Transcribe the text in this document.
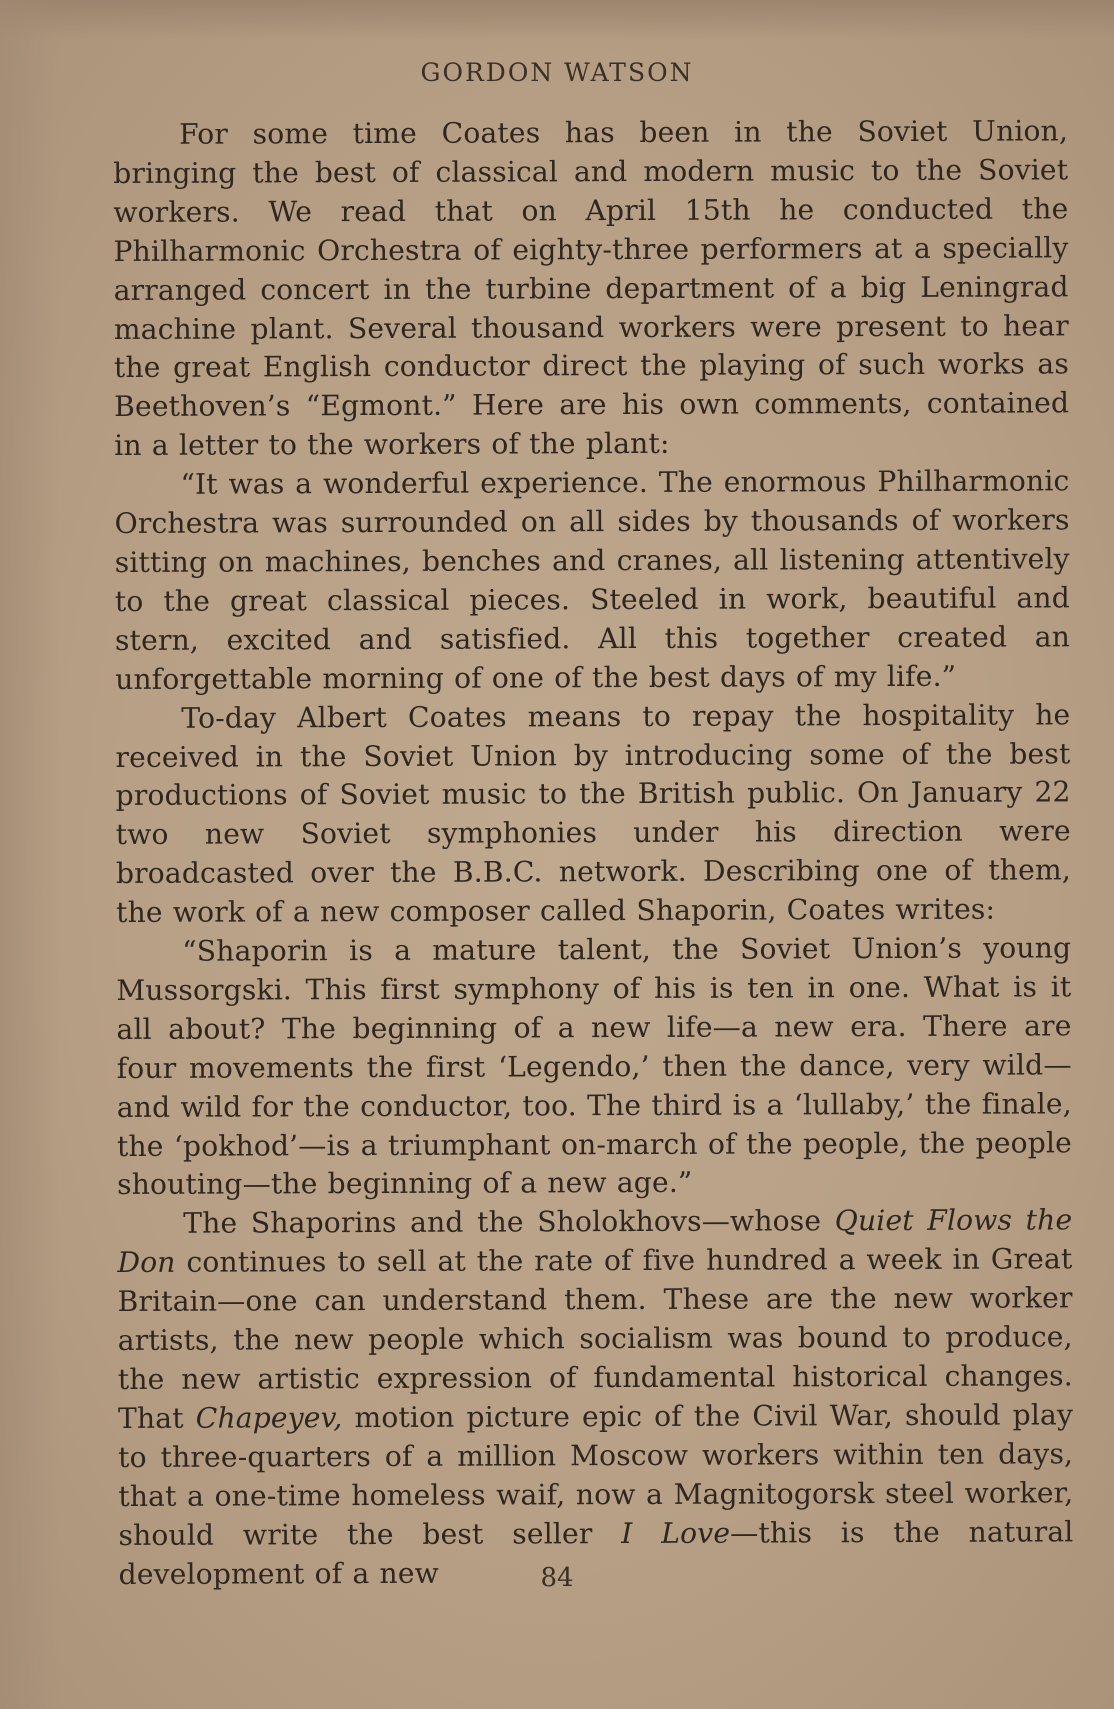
GORDON WATSON

For some time Coates has been in the Soviet Union, bringing the best of classical and modern music to the Soviet workers. We read that on April 15th he conducted the Philharmonic Orchestra of eighty-three performers at a specially arranged concert in the turbine department of a big Leningrad machine plant. Several thousand workers were present to hear the great English conductor direct the playing of such works as Beethoven’s “Egmont.” Here are his own comments, contained in a letter to the workers of the plant:

“It was a wonderful experience. The enormous Philharmonic Orchestra was surrounded on all sides by thousands of workers sitting on machines, benches and cranes, all listening attentively to the great classical pieces. Steeled in work, beautiful and stern, excited and satisfied. All this together created an unforgettable morning of one of the best days of my life.”

To-day Albert Coates means to repay the hospitality he received in the Soviet Union by introducing some of the best productions of Soviet music to the British public. On January 22 two new Soviet symphonies under his direction were broadcasted over the B.B.C. network. Describing one of them, the work of a new composer called Shaporin, Coates writes:

“Shaporin is a mature talent, the Soviet Union’s young Mussorgski. This first symphony of his is ten in one. What is it all about? The beginning of a new life—a new era. There are four movements the first ‘Legendo,’ then the dance, very wild—and wild for the conductor, too. The third is a ‘lullaby,’ the finale, the ‘pokhod’—is a triumphant on-march of the people, the people shouting—the beginning of a new age.”

The Shaporins and the Sholokhovs—whose Quiet Flows the Don continues to sell at the rate of five hundred a week in Great Britain—one can understand them. These are the new worker artists, the new people which socialism was bound to produce, the new artistic expression of fundamental historical changes. That Chapeyev, motion picture epic of the Civil War, should play to three-quarters of a million Moscow workers within ten days, that a one-time homeless waif, now a Magnitogorsk steel worker, should write the best seller I Love—this is the natural development of a new	84
